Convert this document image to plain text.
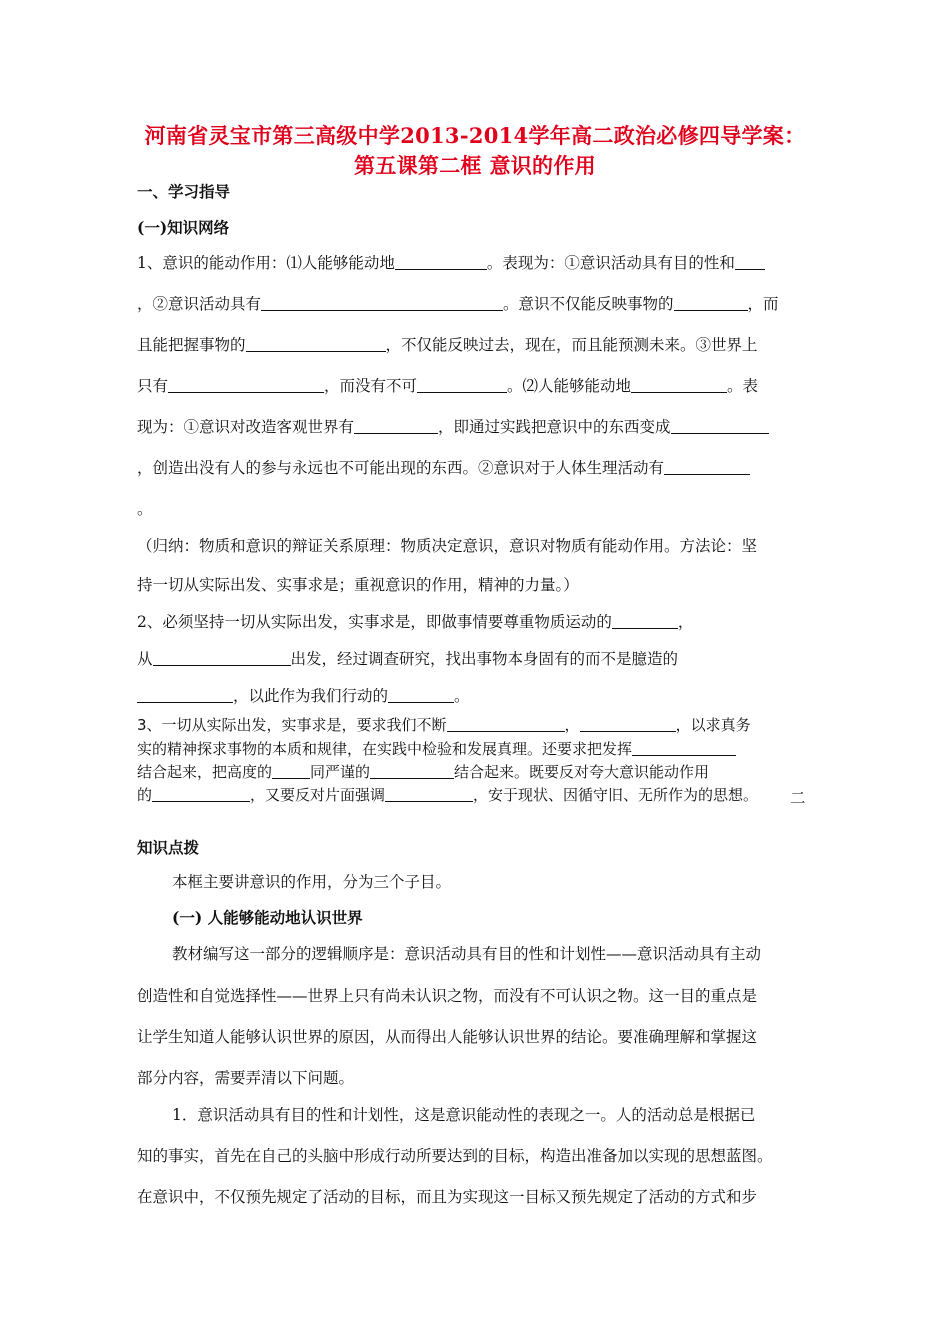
河南省灵宝市第三高级中学2013-2014学年高二政治必修四导学案：
第五课第二框 意识的作用
一、学习指导
(一)知识网络
1、意识的能动作用：⑴人能够能动地	。表现为：①意识活动具有目的性和
，②意识活动具有	。意识不仅能反映事物的	，而
且能把握事物的	，不仅能反映过去，现在，而且能预测未来。③世界上
只有	，而没有不可	。⑵人能够能动地	。表
现为：①意识对改造客观世界有	，即通过实践把意识中的东西变成
，创造出没有人的参与永远也不可能出现的东西。②意识对于人体生理活动有
。
（归纳：物质和意识的辩证关系原理：物质决定意识，意识对物质有能动作用。方法论：坚
持一切从实际出发、实事求是；重视意识的作用，精神的力量。）
2、必须坚持一切从实际出发，实事求是，即做事情要尊重物质运动的	，
从	出发，经过调查研究，找出事物本身固有的而不是臆造的
，以此作为我们行动的	。
3、一切从实际出发，实事求是，要求我们不断	，	，以求真务
实的精神探求事物的本质和规律，在实践中检验和发展真理。还要求把发挥
结合起来，把高度的	同严谨的	结合起来。既要反对夸大意识能动作用
的	，又要反对片面强调	，安于现状、因循守旧、无所作为的思想。 二
知识点拨
本框主要讲意识的作用，分为三个子目。
(一) 人能够能动地认识世界
教材编写这一部分的逻辑顺序是：意识活动具有目的性和计划性——意识活动具有主动
创造性和自觉选择性——世界上只有尚未认识之物，而没有不可认识之物。这一目的重点是
让学生知道人能够认识世界的原因，从而得出人能够认识世界的结论。要准确理解和掌握这
部分内容，需要弄清以下问题。
1．意识活动具有目的性和计划性，这是意识能动性的表现之一。人的活动总是根据已
知的事实，首先在自己的头脑中形成行动所要达到的目标，构造出准备加以实现的思想蓝图。
在意识中，不仅预先规定了活动的目标，而且为实现这一目标又预先规定了活动的方式和步
